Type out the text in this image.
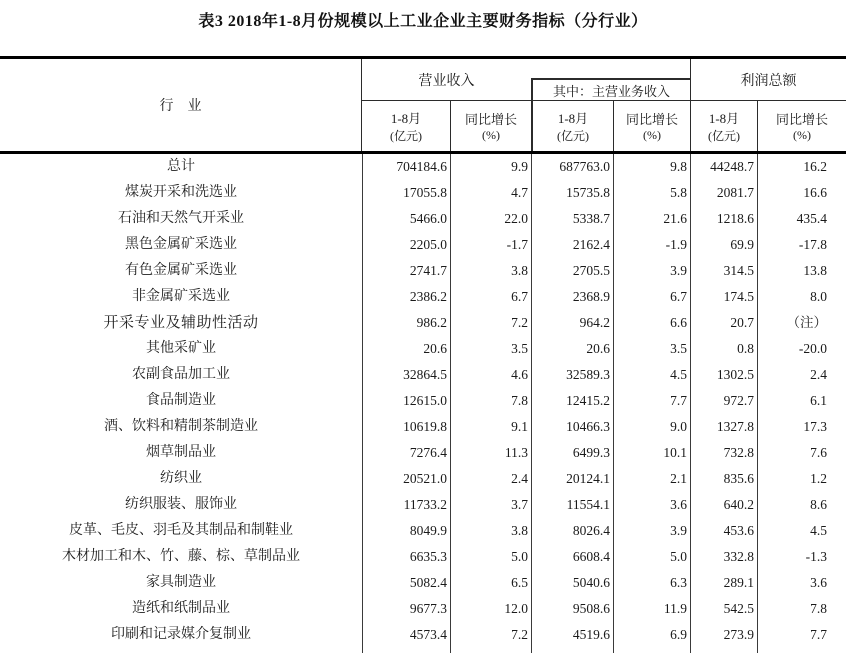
表3 2018年1-8月份规模以上工业企业主要财务指标（分行业）
行　业
营业收入
其中：主营业务收入
利润总额
1-8月
(亿元)
同比增长
(%)
1-8月
(亿元)
同比增长
(%)
1-8月
(亿元)
同比增长
(%)
总计	704184.6	9.9	687763.0	9.8	44248.7	16.2
煤炭开采和洗选业	17055.8	4.7	15735.8	5.8	2081.7	16.6
石油和天然气开采业	5466.0	22.0	5338.7	21.6	1218.6	435.4
黑色金属矿采选业	2205.0	-1.7	2162.4	-1.9	69.9	-17.8
有色金属矿采选业	2741.7	3.8	2705.5	3.9	314.5	13.8
非金属矿采选业	2386.2	6.7	2368.9	6.7	174.5	8.0
开采专业及辅助性活动	986.2	7.2	964.2	6.6	20.7	（注）
其他采矿业	20.6	3.5	20.6	3.5	0.8	-20.0
农副食品加工业	32864.5	4.6	32589.3	4.5	1302.5	2.4
食品制造业	12615.0	7.8	12415.2	7.7	972.7	6.1
酒、饮料和精制茶制造业	10619.8	9.1	10466.3	9.0	1327.8	17.3
烟草制品业	7276.4	11.3	6499.3	10.1	732.8	7.6
纺织业	20521.0	2.4	20124.1	2.1	835.6	1.2
纺织服装、服饰业	11733.2	3.7	11554.1	3.6	640.2	8.6
皮革、毛皮、羽毛及其制品和制鞋业	8049.9	3.8	8026.4	3.9	453.6	4.5
木材加工和木、竹、藤、棕、草制品业	6635.3	5.0	6608.4	5.0	332.8	-1.3
家具制造业	5082.4	6.5	5040.6	6.3	289.1	3.6
造纸和纸制品业	9677.3	12.0	9508.6	11.9	542.5	7.8
印刷和记录媒介复制业	4573.4	7.2	4519.6	6.9	273.9	7.7
